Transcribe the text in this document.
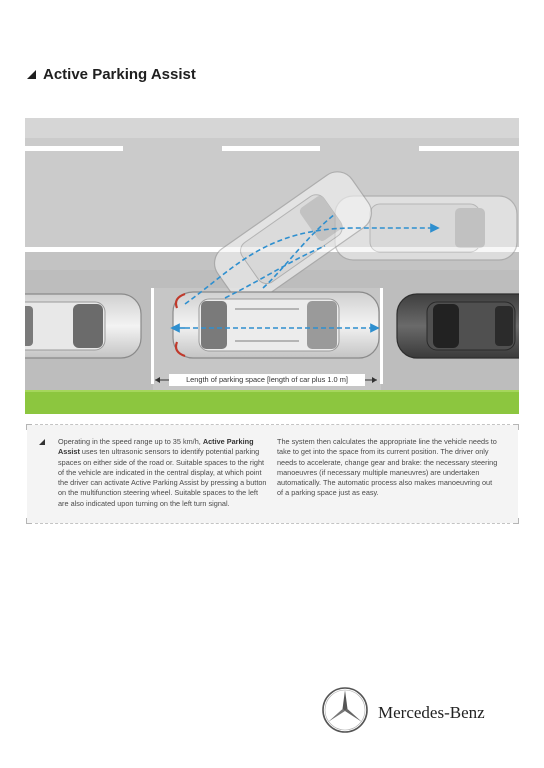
Active Parking Assist
Length of parking space [length of car plus 1.0 m]
Operating in the speed range up to 35 km/h, Active Parking Assist uses ten ultrasonic sensors to identify potential parking spaces on either side of the road or. Suitable spaces to the right of the vehicle are indicated in the central display, at which point the driver can activate Active Parking Assist by pressing a button on the multifunction steering wheel. Suitable spaces to the left are also indicated upon turning on the left turn signal.
The system then calculates the appropriate line the vehicle needs to take to get into the space from its current position. The driver only needs to accelerate, change gear and brake: the necessary steering manoeuvres (if necessary multiple maneuvres) are undertaken automatically. The automatic process also makes manoeuvring out of a parking space just as easy.
Mercedes-Benz
